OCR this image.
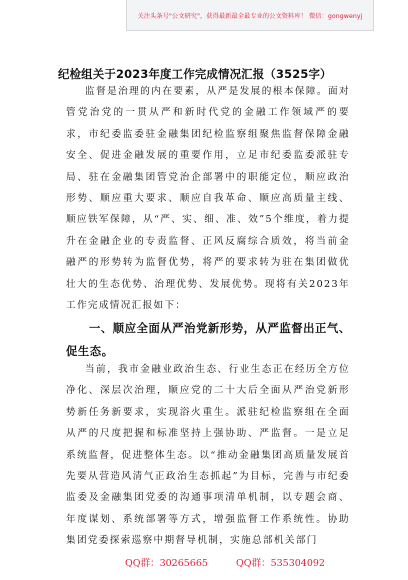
关注头条号"公文研究"，获得最新最全最专业的公文资料库！ 微信：gongwenyj
纪检组关于2023年度工作完成情况汇报（3525字）

监督是治理的内在要素，从严是发展的根本保障。面对管党治党的一贯从严和新时代党的金融工作领域严的要求，市纪委监委驻金融集团纪检监察组聚焦监督保障金融安全、促进金融发展的重要作用，立足市纪委监委派驻专局、驻在金融集团管党治企部署中的职能定位，顺应政治形势、顺应重大要求、顺应自我革命、顺应高质量主线、顺应铁军保障，从“严、实、细、准、效”5个维度，着力提升在金融企业的专责监督、正风反腐综合质效，将当前金融严的形势转为监督优势，将严的要求转为驻在集团做优壮大的生态优势、治理优势、发展优势。现将有关2023年工作完成情况汇报如下：

一、顺应全面从严治党新形势，从严监督出正气、促生态。

当前，我市金融业政治生态、行业生态正在经历全方位净化、深层次治理，顺应党的二十大后全面从严治党新形势新任务新要求，实现浴火重生。派驻纪检监察组在全面从严的尺度把握和标准坚持上强协助、严监督。一是立足系统监督，促进整体生态。以“推动金融集团高质量发展首先要从营造风清气正政治生态抓起”为目标，完善与市纪委监委及金融集团党委的沟通事项清单机制，以专题会商、年度谋划、系统部署等方式，增强监督工作系统性。协助集团党委探索巡察中期督导机制，实施总部机关部门

QQ群：30265665	QQ群：535304092
